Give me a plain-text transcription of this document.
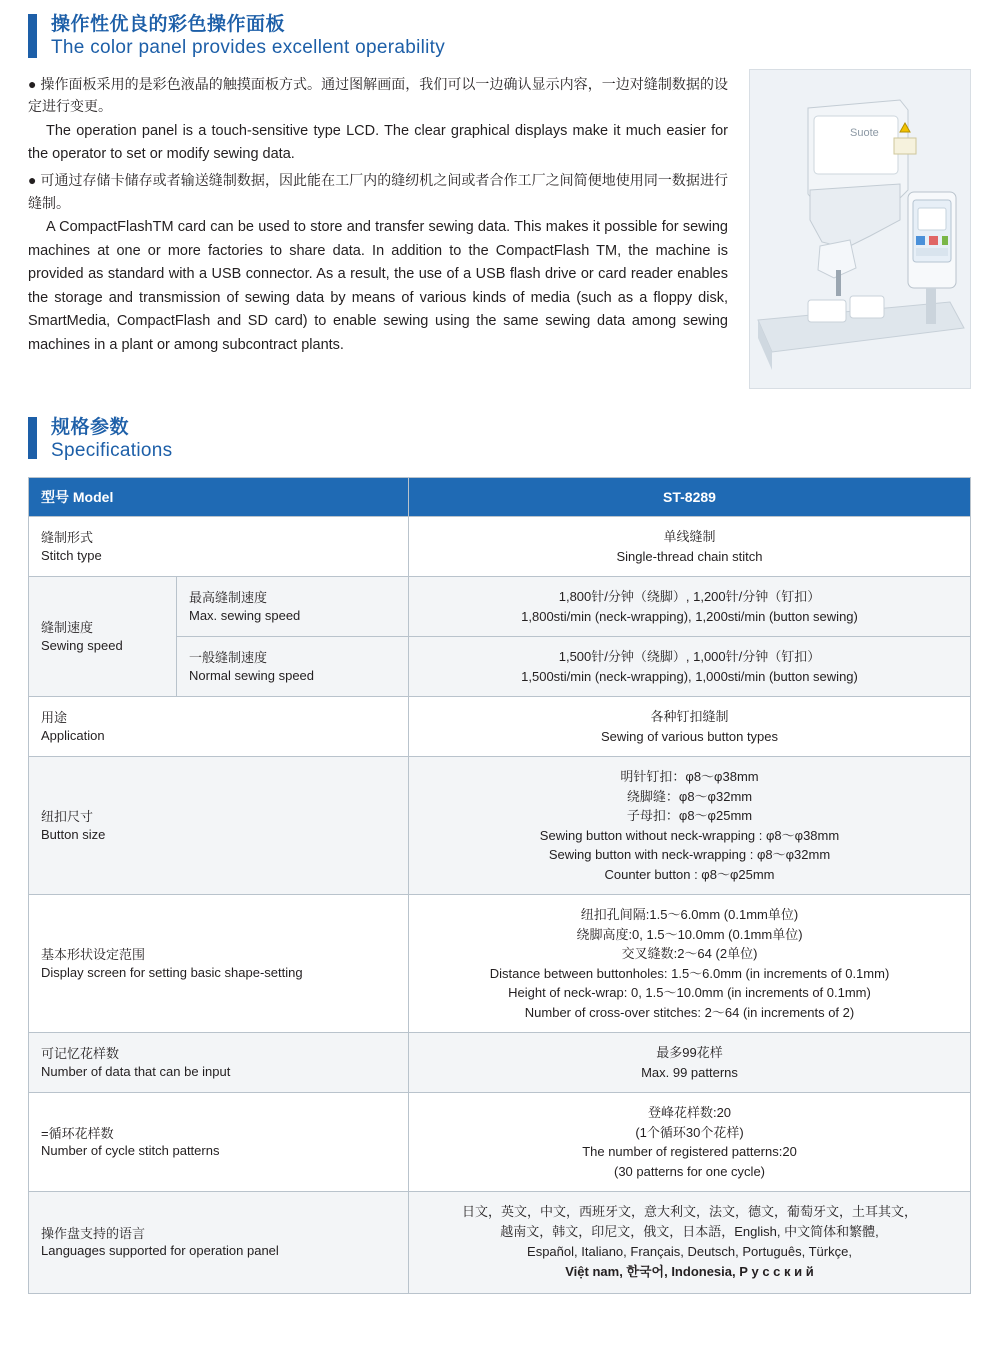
操作性优良的彩色操作面板
The color panel provides excellent operability

● 操作面板采用的是彩色液晶的触摸面板方式。通过图解画面，我们可以一边确认显示内容，一边对缝制数据的设定进行变更。

The operation panel is a touch-sensitive type LCD. The clear graphical displays make it much easier for the operator to set or modify sewing data.

● 可通过存储卡储存或者输送缝制数据，因此能在工厂内的缝纫机之间或者合作工厂之间简便地使用同一数据进行缝制。

A CompactFlashTM card can be used to store and transfer sewing data. This makes it possible for sewing machines at one or more factories to share data. In addition to the CompactFlash TM, the machine is provided as standard with a USB connector. As a result, the use of a USB flash drive or card reader enables the storage and transmission of sewing data by means of various kinds of media (such as a floppy disk, SmartMedia, CompactFlash and SD card) to enable sewing using the same sewing data among sewing machines in a plant or among subcontract plants.

Suote
规格参数
Specifications
型号 Model		ST-8289

缝制形式
Stitch type		单线缝制
Single-thread chain stitch

缝制速度
Sewing speed	最高缝制速度
Max. sewing speed	1,800针/分钟（绕脚）, 1,200针/分钟（钉扣）
1,800sti/min (neck-wrapping), 1,200sti/min (button sewing)

	一般缝制速度
Normal sewing speed	1,500针/分钟（绕脚）, 1,000针/分钟（钉扣）
1,500sti/min (neck-wrapping), 1,000sti/min (button sewing)

用途
Application		各种钉扣缝制
Sewing of various button types

纽扣尺寸
Button size

明针钉扣：φ8～φ38mm
绕脚缝：φ8～φ32mm
子母扣：φ8～φ25mm
Sewing button without neck-wrapping : φ8～φ38mm
Sewing button with neck-wrapping : φ8～φ32mm
Counter button : φ8～φ25mm

基本形状设定范围
Display screen for setting basic shape-setting

纽扣孔间隔:1.5～6.0mm (0.1mm单位)
绕脚高度:0, 1.5～10.0mm (0.1mm单位)
交叉缝数:2～64 (2单位)
Distance between buttonholes: 1.5～6.0mm (in increments of 0.1mm)
Height of neck-wrap: 0, 1.5～10.0mm (in increments of 0.1mm)
Number of cross-over stitches: 2～64 (in increments of 2)

可记忆花样数
Number of data that can be input		最多99花样
Max. 99 patterns

=循环花样数
Number of cycle stitch patterns		登峰花样数:20
(1个循环30个花样)
The number of registered patterns:20
(30 patterns for one cycle)

操作盘支持的语言
Languages supported for operation panel		日文，英文，中文，西班牙文，意大利文，法文，德文，葡萄牙文，土耳其文，
越南文，韩文，印尼文，俄文，日本語，English, 中文简体和繁體,
Español, Italiano, Français, Deutsch, Português, Türkçe,
Việt nam, 한국어, Indonesia, Р у с с к и й
